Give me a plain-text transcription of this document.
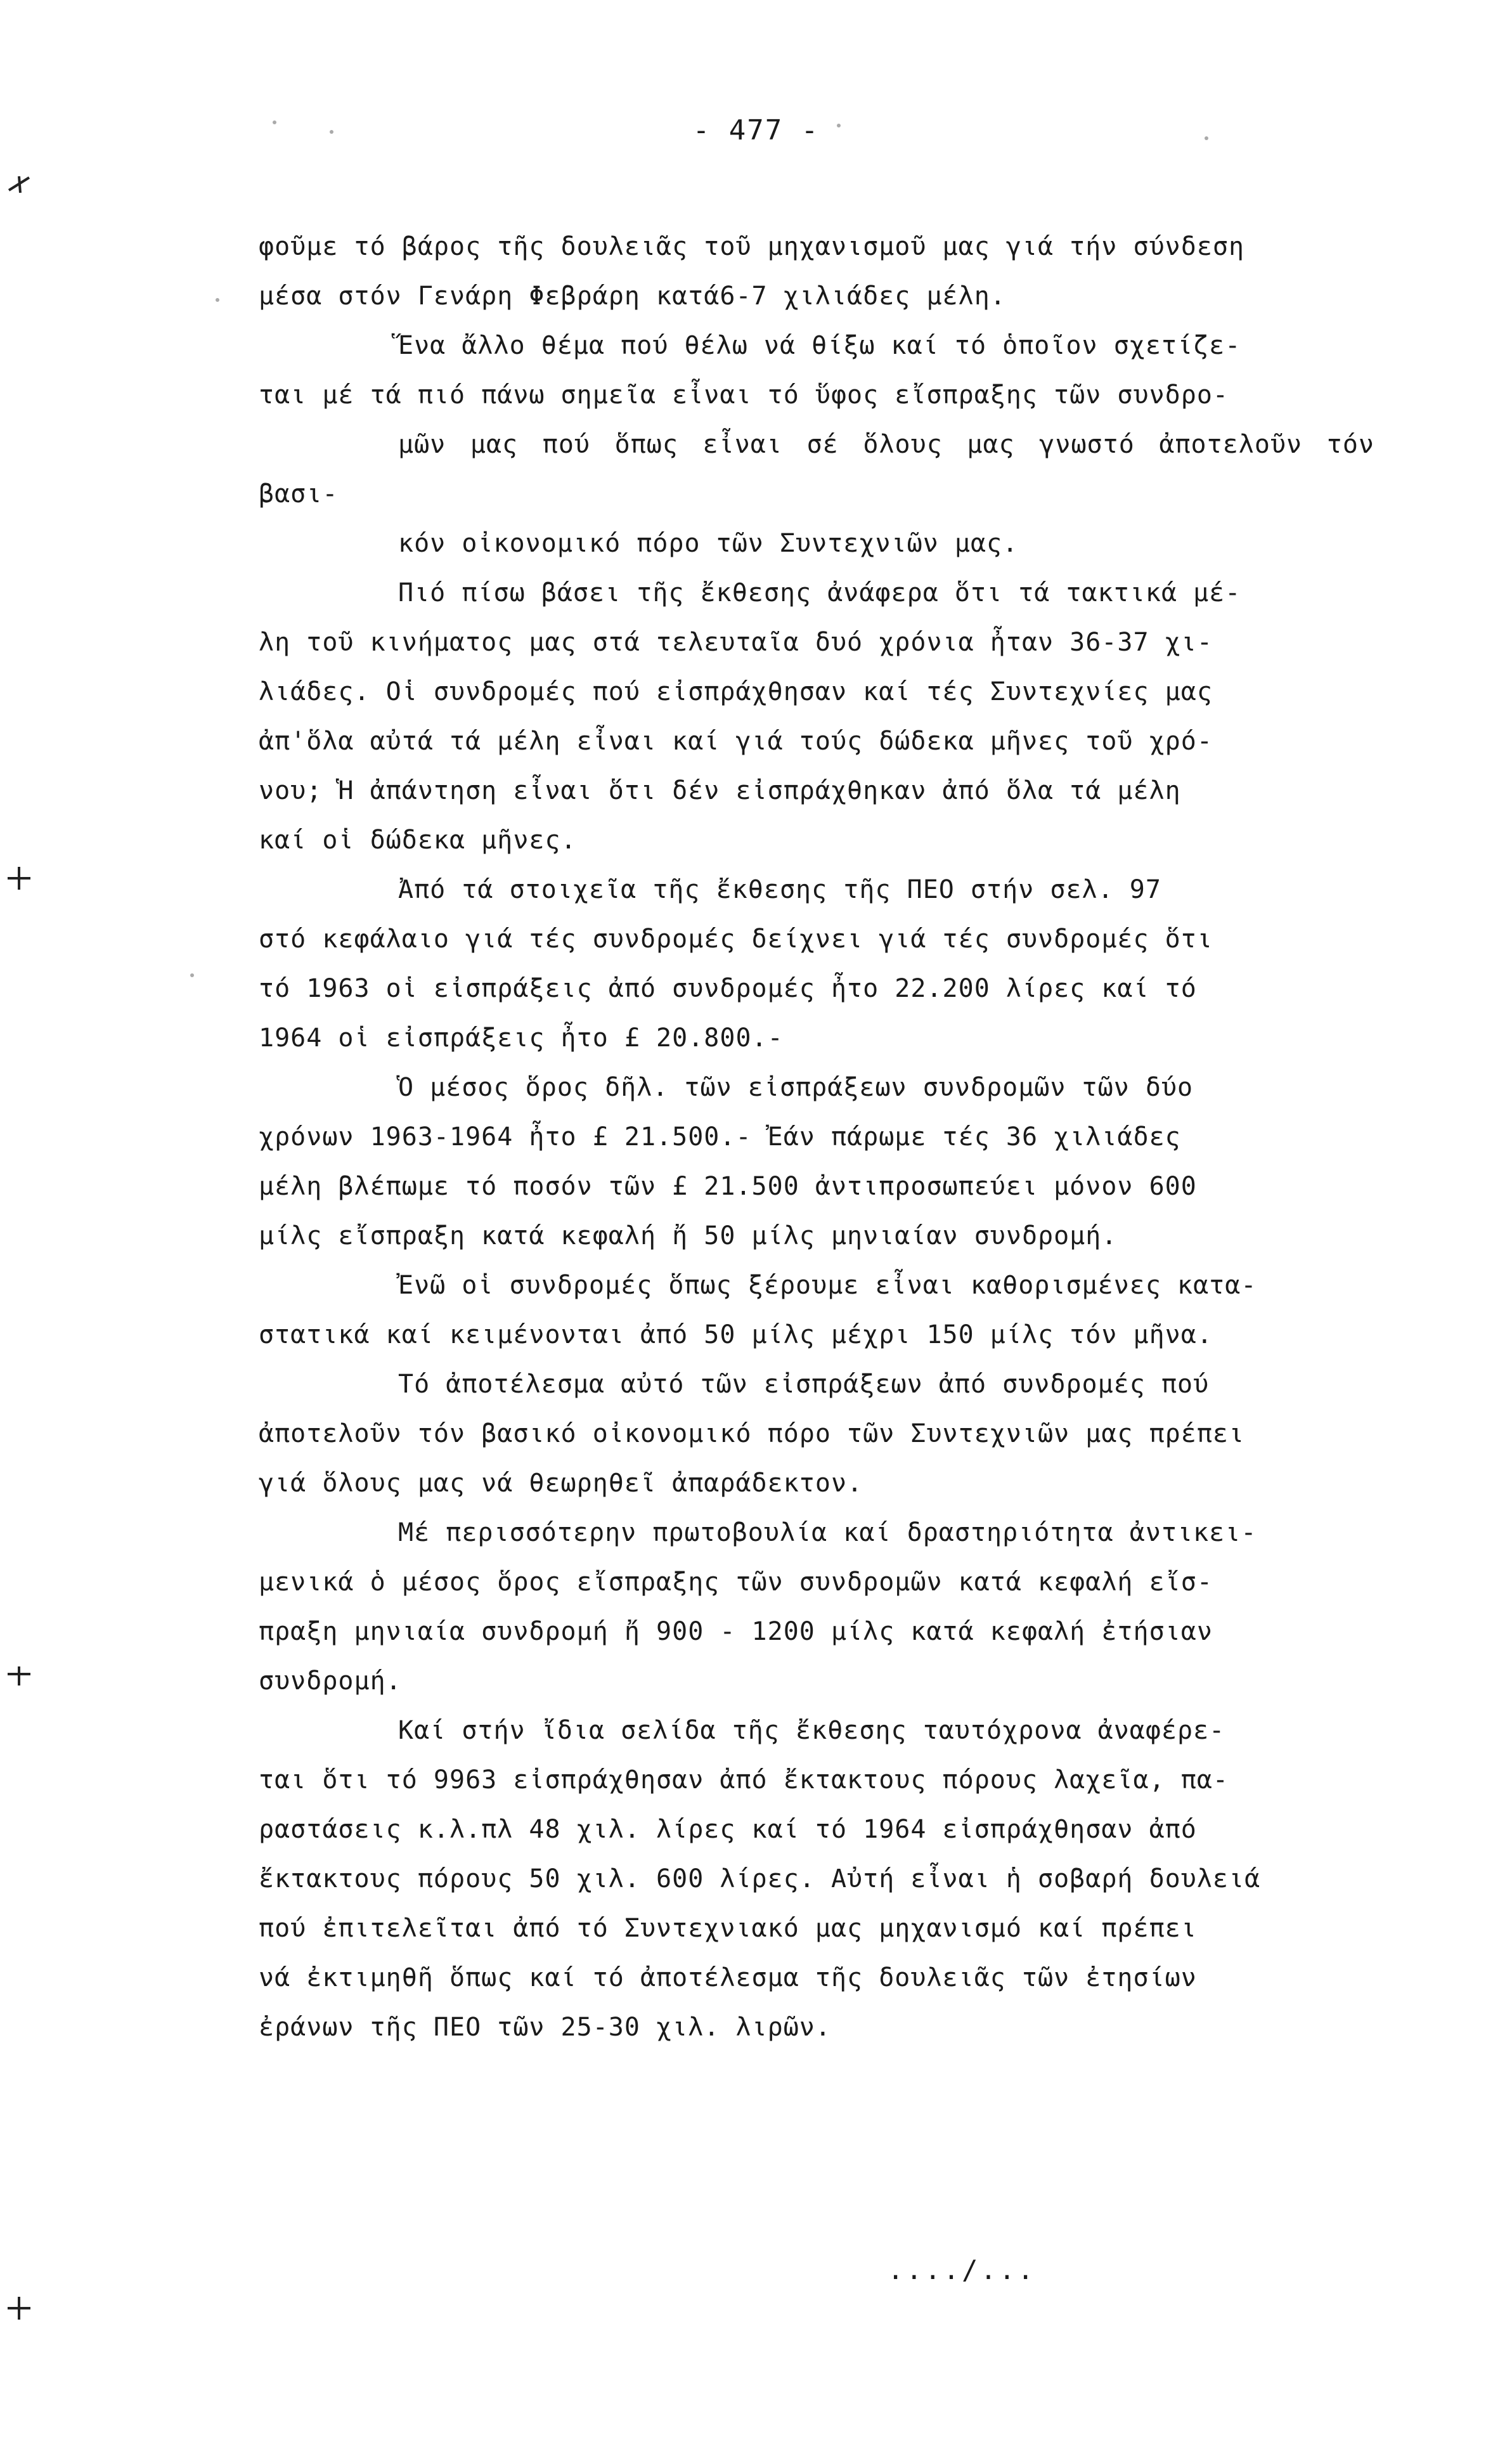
- 477 -

φοῦμε τό βάρος τῆς δουλειᾶς τοῦ μηχανισμοῦ μας γιά τήν σύνδεση
μέσα στόν Γενάρη Φεβράρη κατά6-7 χιλιάδες μέλη.

Ἕνα ἄλλο θέμα πού θέλω νά θίξω καί τό ὁποῖον σχετίζε-
ται μέ τά πιό πάνω σημεῖα εἶναι τό ὕφος εἴσπραξης τῶν συνδρο-
μῶν μας πού ὅπως εἶναι σέ ὅλους μας γνωστό ἀποτελοῦν τόν βασι-
κόν οἰκονομικό πόρο τῶν Συντεχνιῶν μας.

Πιό πίσω βάσει τῆς ἔκθεσης ἀνάφερα ὅτι τά τακτικά μέ-

λη τοῦ κινήματος μας στά τελευταῖα δυό χρόνια ἦταν 36-37 χι-
λιάδες. Οἱ συνδρομές πού εἰσπράχθησαν καί τές Συντεχνίες μας
ἀπ'ὅλα αὐτά τά μέλη εἶναι καί γιά τούς δώδεκα μῆνες τοῦ χρό-
νου; Ἡ ἀπάντηση εἶναι ὅτι δέν εἰσπράχθηκαν ἀπό ὅλα τά μέλη
καί οἱ δώδεκα μῆνες.

Ἀπό τά στοιχεῖα τῆς ἔκθεσης τῆς ΠΕΟ στήν σελ. 97

στό κεφάλαιο γιά τές συνδρομές δείχνει γιά τές συνδρομές ὅτι
τό 1963 οἱ εἰσπράξεις ἀπό συνδρομές ἦτο 22.200 λίρες καί τό
1964 οἱ εἰσπράξεις ἦτο £ 20.800.-

Ὁ μέσος ὅρος δῆλ. τῶν εἰσπράξεων συνδρομῶν τῶν δύο

χρόνων 1963-1964 ἦτο £ 21.500.- Ἐάν πάρωμε τές 36 χιλιάδες
μέλη βλέπωμε τό ποσόν τῶν £ 21.500 ἀντιπροσωπεύει μόνον 600
μίλς εἴσπραξη κατά κεφαλή ἤ 50 μίλς μηνιαίαν συνδρομή.

Ἐνῶ οἱ συνδρομές ὅπως ξέρουμε εἶναι καθορισμένες κατα-

στατικά καί κειμένονται ἀπό 50 μίλς μέχρι 150 μίλς τόν μῆνα.

Τό ἀποτέλεσμα αὐτό τῶν εἰσπράξεων ἀπό συνδρομές πού

ἀποτελοῦν τόν βασικό οἰκονομικό πόρο τῶν Συντεχνιῶν μας πρέπει
γιά ὅλους μας νά θεωρηθεῖ ἀπαράδεκτον.

Μέ περισσότερην πρωτοβουλία καί δραστηριότητα ἀντικει-

μενικά ὁ μέσος ὅρος εἴσπραξης τῶν συνδρομῶν κατά κεφαλή εἴσ-
πραξη μηνιαία συνδρομή ἤ 900 - 1200 μίλς κατά κεφαλή ἐτήσιαν
συνδρομή.

Καί στήν ἴδια σελίδα τῆς ἔκθεσης ταυτόχρονα ἀναφέρε-

ται ὅτι τό 9963 εἰσπράχθησαν ἀπό ἔκτακτους πόρους λαχεῖα, πα-
ραστάσεις κ.λ.πλ 48 χιλ. λίρες καί τό 1964 εἰσπράχθησαν ἀπό
ἔκτακτους πόρους 50 χιλ. 600 λίρες. Αὐτή εἶναι ἡ σοβαρή δουλειά
πού ἐπιτελεῖται ἀπό τό Συντεχνιακό μας μηχανισμό καί πρέπει
νά ἐκτιμηθῆ ὅπως καί τό ἀποτέλεσμα τῆς δουλειᾶς τῶν ἐτησίων
ἐράνων τῆς ΠΕΟ τῶν 25-30 χιλ. λιρῶν.

..../...
